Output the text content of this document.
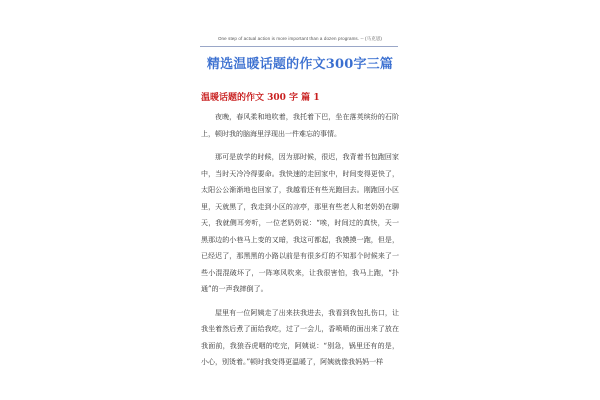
One step of actual action is more important than a dozen programs. -- (马克思)
精选温暖话题的作文300字三篇
温暖话题的作文 300 字 篇 1

夜晚，春风柔和地吹着，我托着下巴，坐在落英缤纷的石阶上，顿时我的脑海里浮现出一件难忘的事情。

那可是放学的时候，因为那时候，很迟，我背着书包跑回家中，当时天冷冷得要命。我快速的走回家中，时间变得更快了，太阳公公渐渐地也回家了，我越看还有些光跑回去。刚跑回小区里，天就黑了，我走到小区的凉亭，那里有些老人和老奶奶在聊天，我就侧耳旁听，一位老奶奶说：“唉，时间过的真快，天一黑那边的小巷马上变的又暗，我这可都起，我摸摸一跑，但是，已经迟了，那黑黑的小路以前是有很多灯的不知那个时候来了一些小混混破坏了，一阵寒风吹来，让我很害怕，我马上跑，“扑通”的一声我摔倒了。

屋里有一位阿姨走了出来扶我进去，我看到我包扎伤口，让我坐着然后煮了面给我吃，过了一会儿，香喷喷的面出来了放在我面前，我狼吞虎咽的吃完，阿姨说：“别急，锅里还有的是，小心，别烫着。”顿时我变得更温暖了，阿姨就像我妈妈一样
